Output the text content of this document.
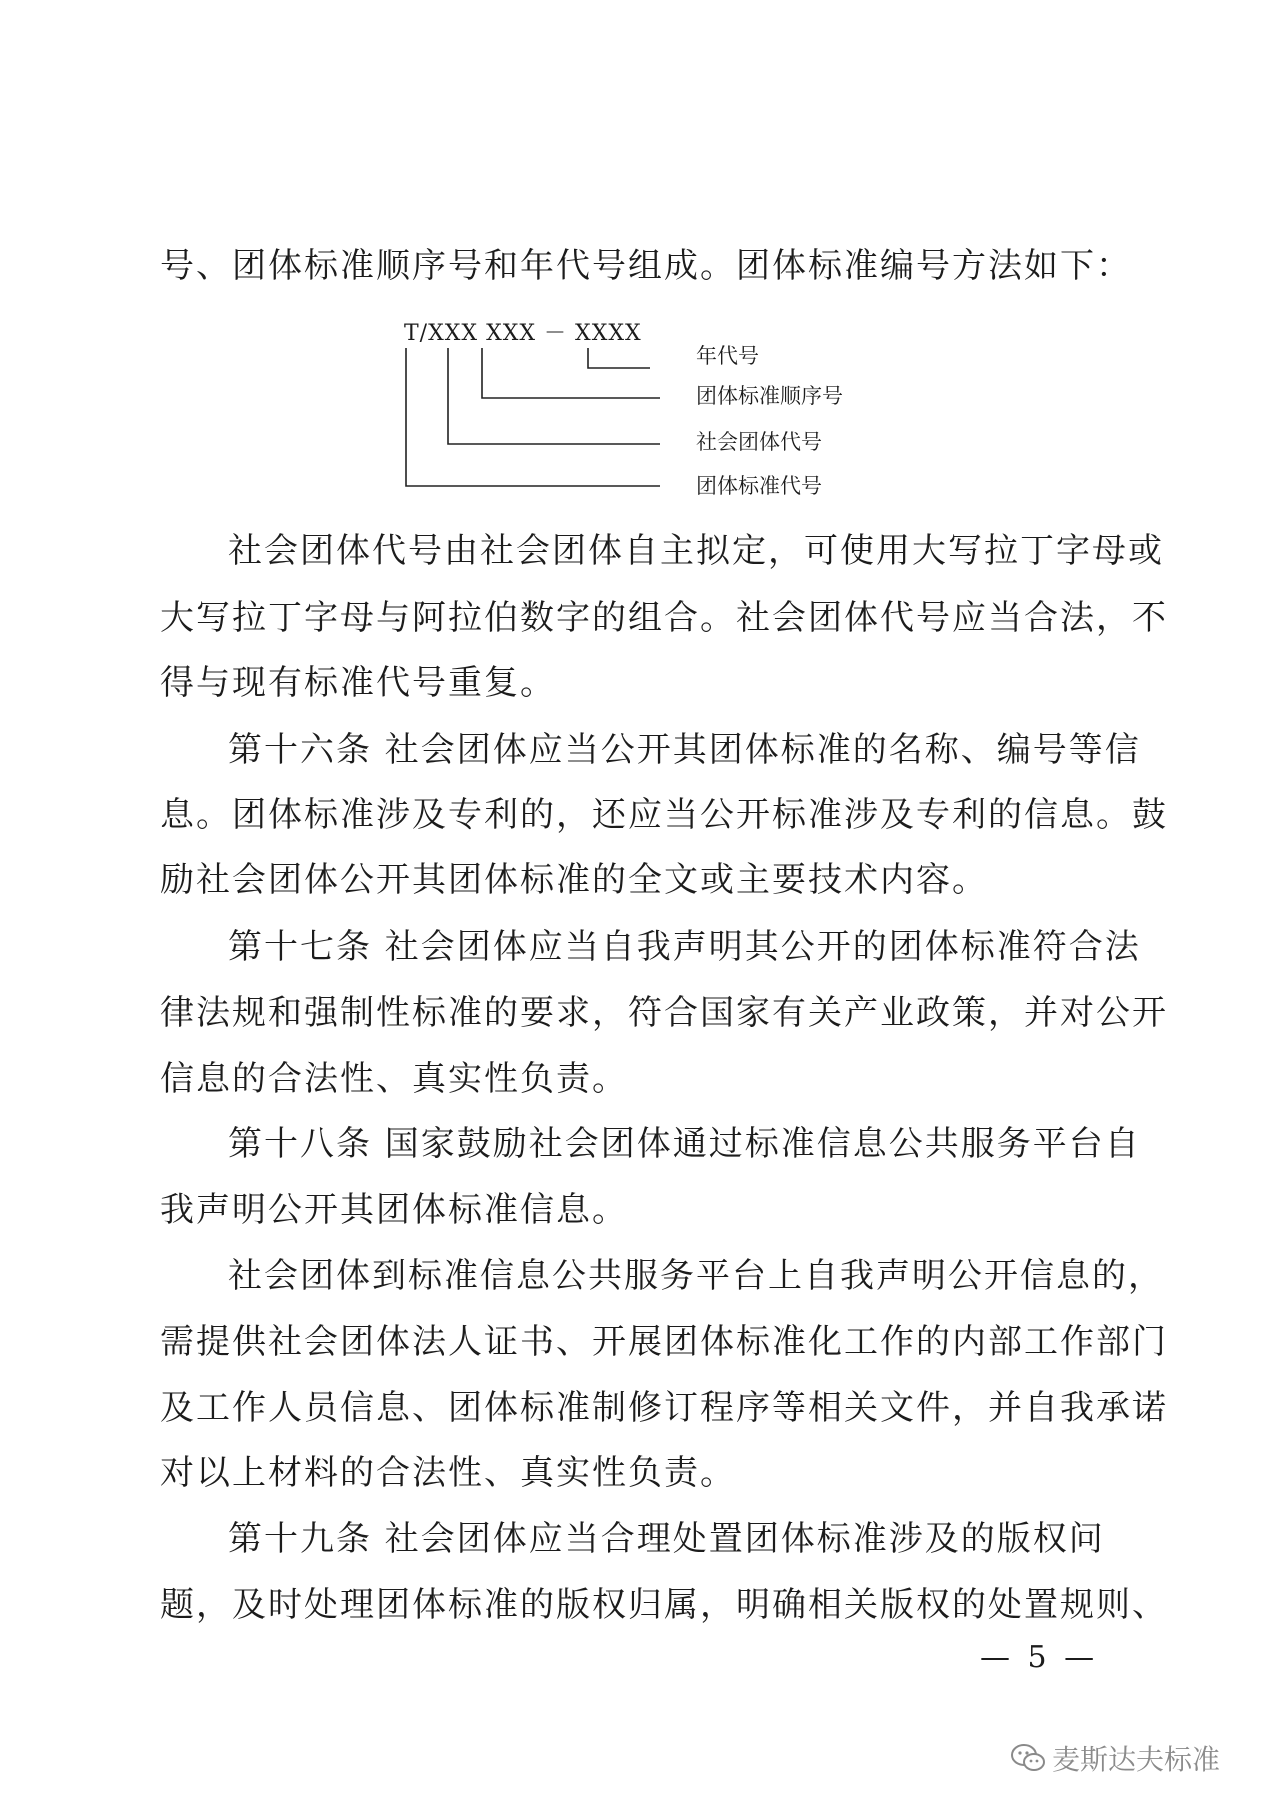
号、团体标准顺序号和年代号组成。团体标准编号方法如下：
T/XXX XXX － XXXX
年代号
团体标准顺序号
社会团体代号
团体标准代号
社会团体代号由社会团体自主拟定，可使用大写拉丁字母或
大写拉丁字母与阿拉伯数字的组合。社会团体代号应当合法，不
得与现有标准代号重复。
第十六条 社会团体应当公开其团体标准的名称、编号等信
息。团体标准涉及专利的，还应当公开标准涉及专利的信息。鼓
励社会团体公开其团体标准的全文或主要技术内容。
第十七条 社会团体应当自我声明其公开的团体标准符合法
律法规和强制性标准的要求，符合国家有关产业政策，并对公开
信息的合法性、真实性负责。
第十八条 国家鼓励社会团体通过标准信息公共服务平台自
我声明公开其团体标准信息。
社会团体到标准信息公共服务平台上自我声明公开信息的，
需提供社会团体法人证书、开展团体标准化工作的内部工作部门
及工作人员信息、团体标准制修订程序等相关文件，并自我承诺
对以上材料的合法性、真实性负责。
第十九条 社会团体应当合理处置团体标准涉及的版权问
题，及时处理团体标准的版权归属，明确相关版权的处置规则、
— 5 —
麦斯达夫标准
